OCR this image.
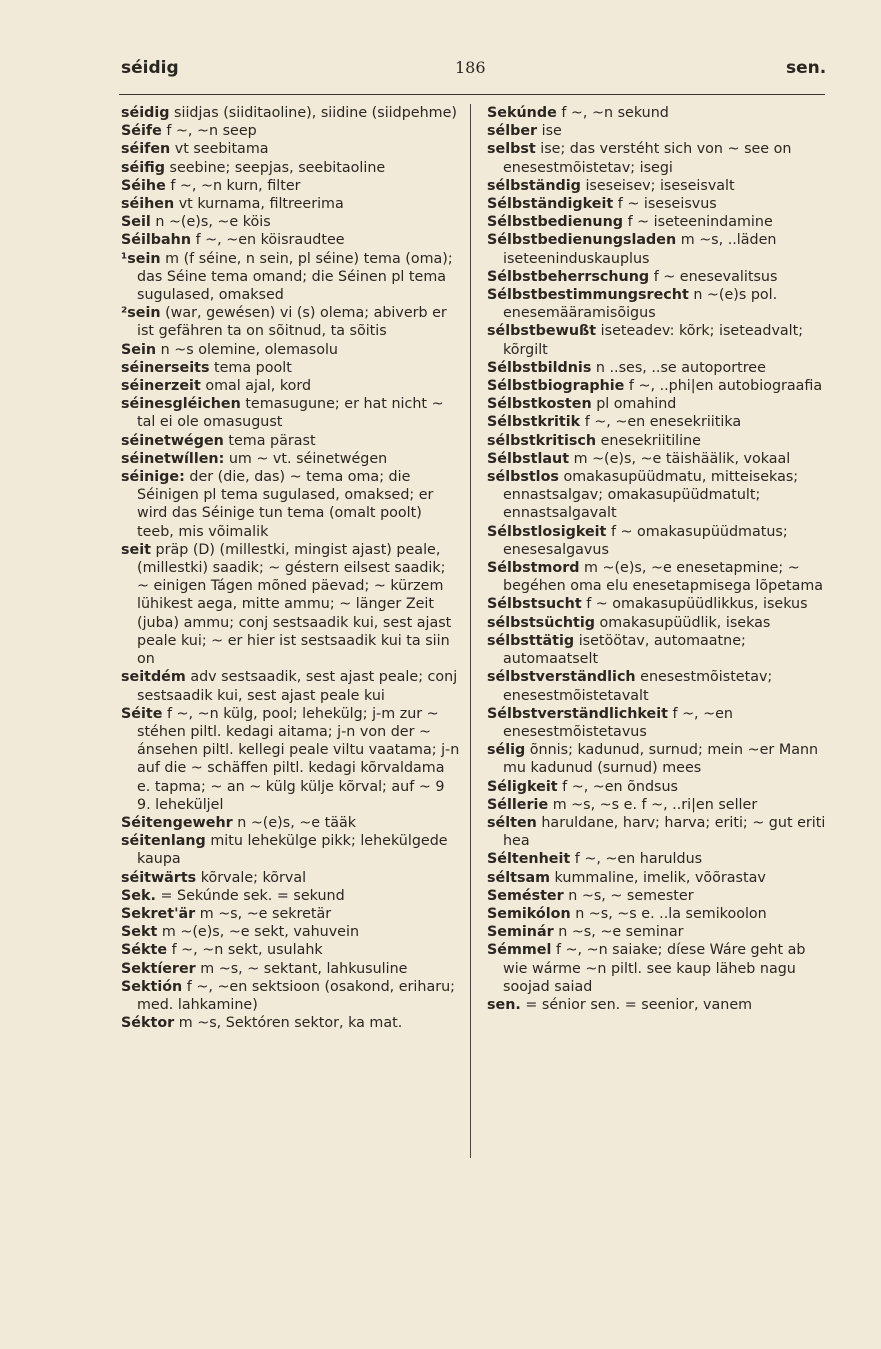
séidig	186	sen.

séidig siidjas (siiditaoline), siidine (siidpehme)

Séife f ~, ~n seep

séifen vt seebitama

séifig seebine; seepjas, seebitaoline

Séihe f ~, ~n kurn, filter

séihen vt kurnama, filtreerima

Seil n ~(e)s, ~e köis

Séilbahn f ~, ~en köisraudtee

¹sein m (f séine, n sein, pl séine) tema (oma); das Séine tema omand; die Séinen pl tema sugulased, omaksed

²sein (war, gewésen) vi (s) olema; abiverb er ist gefähren ta on sõitnud, ta sõitis

Sein n ~s olemine, olemasolu

séinerseits tema poolt

séinerzeit omal ajal, kord

séinesgléichen temasugune; er hat nicht ~ tal ei ole omasugust

séinetwégen tema pärast

séinetwíllen: um ~ vt. séinetwégen

séinige: der (die, das) ~ tema oma; die Séinigen pl tema sugulased, omaksed; er wird das Séinige tun tema (omalt poolt) teeb, mis võimalik

seit präp (D) (millestki, mingist ajast) peale, (millestki) saadik; ~ géstern eilsest saadik; ~ einigen Tágen mõned päevad; ~ kürzem lühikest aega, mitte ammu; ~ länger Zeit (juba) ammu; conj sestsaadik kui, sest ajast peale kui; ~ er hier ist sestsaadik kui ta siin on

seitdém adv sestsaadik, sest ajast peale; conj sestsaadik kui, sest ajast peale kui

Séite f ~, ~n külg, pool; lehekülg; j-m zur ~ stéhen piltl. kedagi aitama; j-n von der ~ ánsehen piltl. kellegi peale viltu vaatama; j-n auf die ~ schäffen piltl. kedagi kõrvaldama e. tapma; ~ an ~ külg külje kõrval; auf ~ 9 9. leheküljel

Séitengewehr n ~(e)s, ~e tääk

séitenlang mitu lehekülge pikk; lehekülgede kaupa

séitwärts kõrvale; kõrval

Sek. = Sekúnde sek. = sekund

Sekret'är m ~s, ~e sekretär

Sekt m ~(e)s, ~e sekt, vahuvein

Sékte f ~, ~n sekt, usulahk

Sektíerer m ~s, ~ sektant, lahkusuline

Sektión f ~, ~en sektsioon (osakond, eriharu; med. lahkamine)

Séktor m ~s, Sektóren sektor, ka mat.

Sekúnde f ~, ~n sekund

sélber ise

selbst ise; das verstéht sich von ~ see on enesestmõistetav; isegi

sélbständig iseseisev; iseseisvalt

Sélbständigkeit f ~ iseseisvus

Sélbstbedienung f ~ iseteenindamine

Sélbstbedienungsladen m ~s, ..läden iseteeninduskauplus

Sélbstbeherrschung f ~ enesevalitsus

Sélbstbestimmungsrecht n ~(e)s pol. enesemääramisõigus

sélbstbewußt iseteadev: kõrk; iseteadvalt; kõrgilt

Sélbstbildnis n ..ses, ..se autoportree

Sélbstbiographie f ~, ..phi|en autobiograafia

Sélbstkosten pl omahind

Sélbstkritik f ~, ~en enesekriitika

sélbstkritisch enesekriitiline

Sélbstlaut m ~(e)s, ~e täishäälik, vokaal

sélbstlos omakasupüüdmatu, mitteisekas; ennastsalgav; omakasupüüdmatult; ennastsalgavalt

Sélbstlosigkeit f ~ omakasupüüdmatus; enesesalgavus

Sélbstmord m ~(e)s, ~e enesetapmine; ~ begéhen oma elu enesetapmisega lõpetama

Sélbstsucht f ~ omakasupüüdlikkus, isekus

sélbstsüchtig omakasupüüdlik, isekas

sélbsttätig isetöötav, automaatne; automaatselt

sélbstverständlich enesestmõistetav; enesestmõistetavalt

Sélbstverständlichkeit f ~, ~en enesestmõistetavus

sélig õnnis; kadunud, surnud; mein ~er Mann mu kadunud (surnud) mees

Séligkeit f ~, ~en õndsus

Séllerie m ~s, ~s e. f ~, ..ri|en seller

sélten haruldane, harv; harva; eriti; ~ gut eriti hea

Séltenheit f ~, ~en haruldus

séltsam kummaline, imelik, võõrastav

Seméster n ~s, ~ semester

Semikólon n ~s, ~s e. ..la semikoolon

Seminár n ~s, ~e seminar

Sémmel f ~, ~n saiake; díese Wáre geht ab wie wárme ~n piltl. see kaup läheb nagu soojad saiad

sen. = sénior sen. = seenior, vanem
